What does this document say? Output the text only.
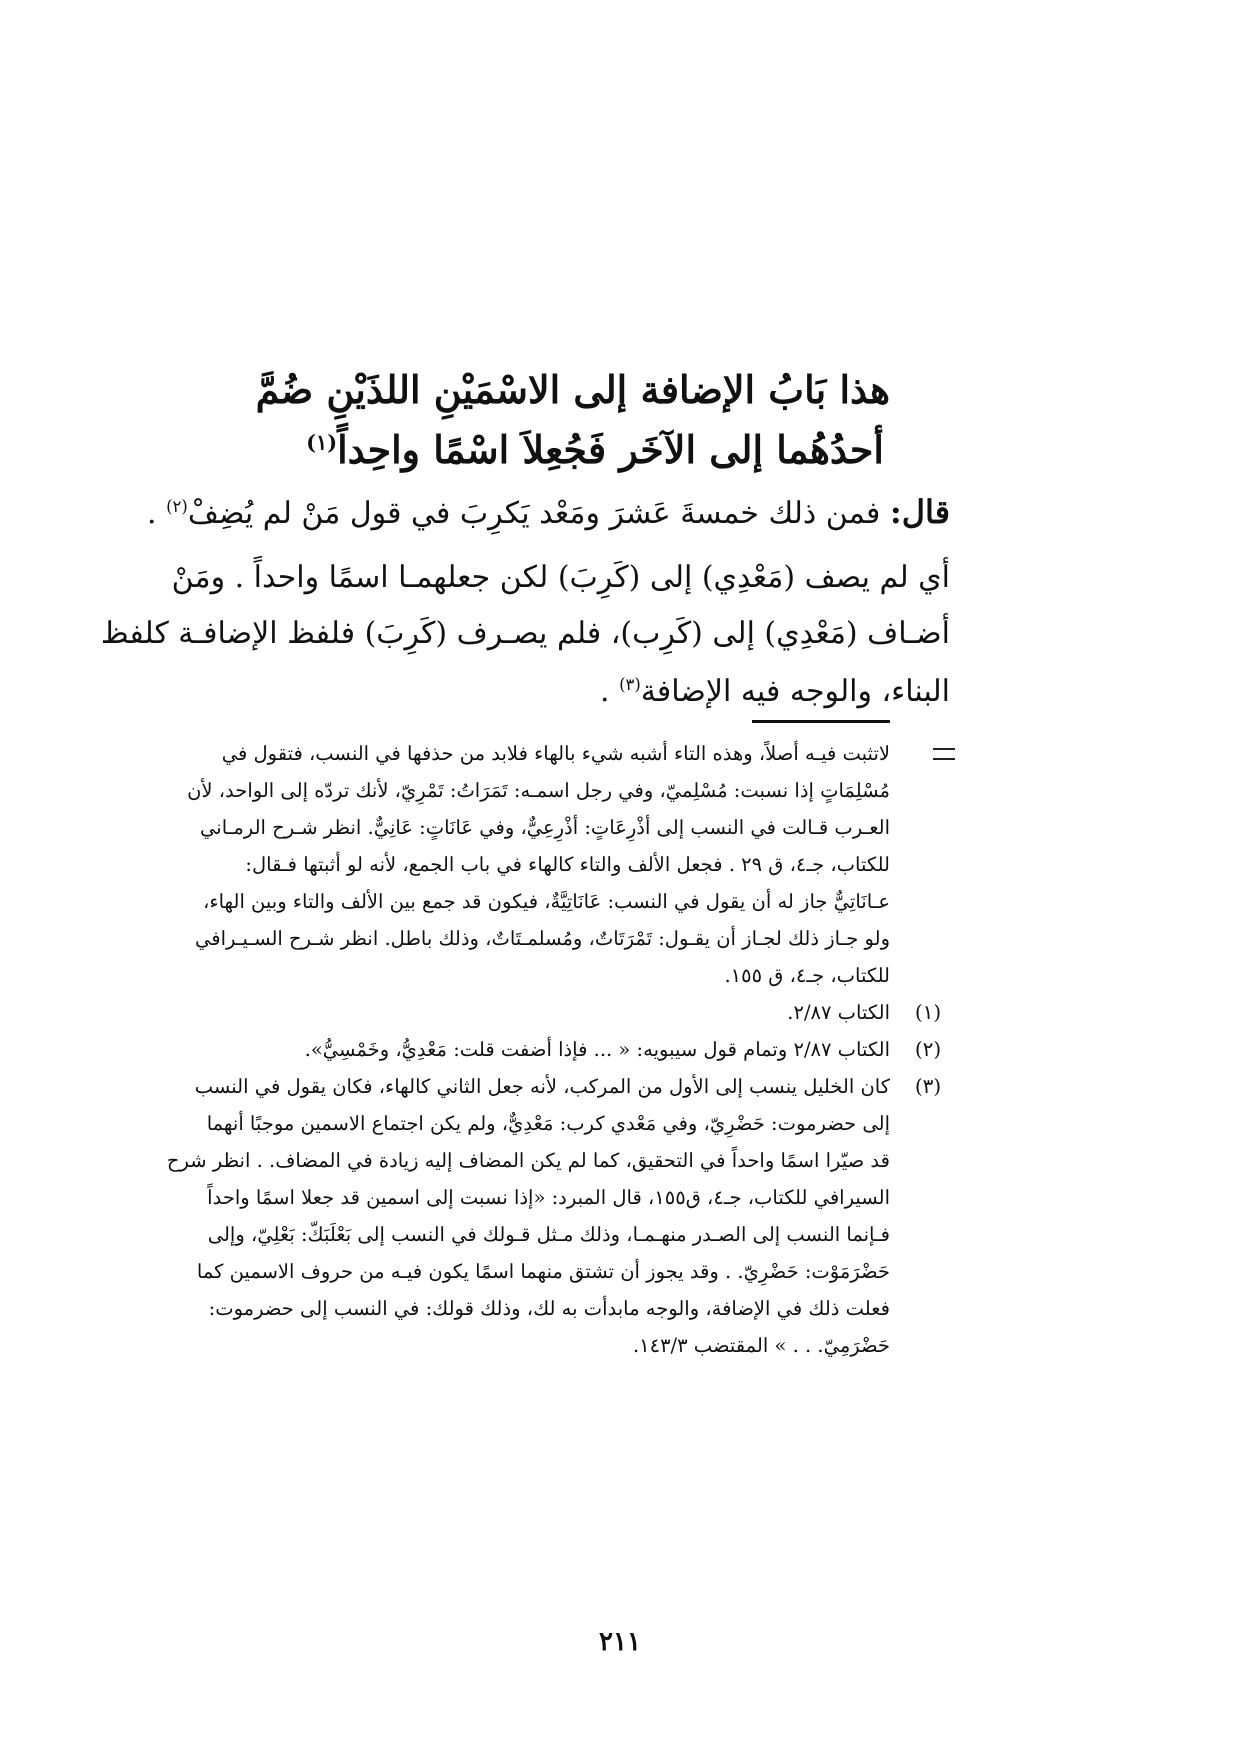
هذا بَابُ الإضافة إلى الاسْمَيْنِ اللذَيْنِ ضُمَّ
أحدُهُما إلى الآخَر فَجُعِلاَ اسْمًا واحِداً$^{(١)}$
قال: فمن ذلك خمسةَ عَشرَ ومَعْد يَكرِبَ في قول مَنْ لم يُضِفْ$^{(٢)}$ .
أي لم يصف (مَعْدِي) إلى (كَرِبَ) لكن جعلهمـا اسمًا واحداً . ومَنْ
أضـاف (مَعْدِي) إلى (كَرِب)، فلم يصـرف (كَرِبَ) فلفظ الإضافـة كلفظ
البناء، والوجه فيه الإضافة$^{(٣)}$ .
لاتثبت فيـه أصلاً، وهذه التاء أشبه شيء بالهاء فلابد من حذفها في النسب، فتقول في
مُسْلِمَاتٍ إذا نسبت: مُسْلِميّ، وفي رجل اسمـه: تَمَرَاتُ: تَمْرِيّ، لأنك تردّه إلى الواحد، لأن
العـرب قـالت في النسب إلى أذْرِعَاتٍ: أذْرِعِيٌّ، وفي عَانَاتٍ: عَانِيٌّ. انظر شـرح الرمـاني
للكتاب، جـ٤، ق ٢٩ . فجعل الألف والتاء كالهاء في باب الجمع، لأنه لو أثبتها فـقال:
عـانَاتِيٌّ جاز له أن يقول في النسب: عَانَاتِيَّةٌ، فيكون قد جمع بين الألف والتاء وبين الهاء،
ولو جـاز ذلك لجـاز أن يقـول: تَمْرَتَاتٌ، ومُسلمـتَاتٌ، وذلك باطل. انظر شـرح السـيـرافي
للكتاب، جـ٤، ق ١٥٥.
(١)
الكتاب ٢/٨٧.
(٢)
الكتاب ٢/٨٧ وتمام قول سيبويه: « ... فإذا أضفت قلت: مَعْدِيُّ، وخَمْسِيُّ».
(٣)
كان الخليل ينسب إلى الأول من المركب، لأنه جعل الثاني كالهاء، فكان يقول في النسب
إلى حضرموت: حَضْرِيّ، وفي مَعْدي كرب: مَعْدِيٌّ، ولم يكن اجتماع الاسمين موجبًا أنهما
قد صيّرا اسمًا واحداً في التحقيق، كما لم يكن المضاف إليه زيادة في المضاف. . انظر شرح
السيرافي للكتاب، جـ٤، ق١٥٥، قال المبرد: «إذا نسبت إلى اسمين قد جعلا اسمًا واحداً
فـإنما النسب إلى الصـدر منهـمـا، وذلك مـثل قـولك في النسب إلى بَعْلَبَكّ: بَعْلِيّ، وإلى
حَضْرَمَوْت: حَضْرِيّ. . وقد يجوز أن تشتق منهما اسمًا يكون فيـه من حروف الاسمين كما
فعلت ذلك في الإضافة، والوجه مابدأت به لك، وذلك قولك: في النسب إلى حضرموت:
حَضْرَمِيّ. . . » المقتضب ١٤٣/٣.
٢١١
